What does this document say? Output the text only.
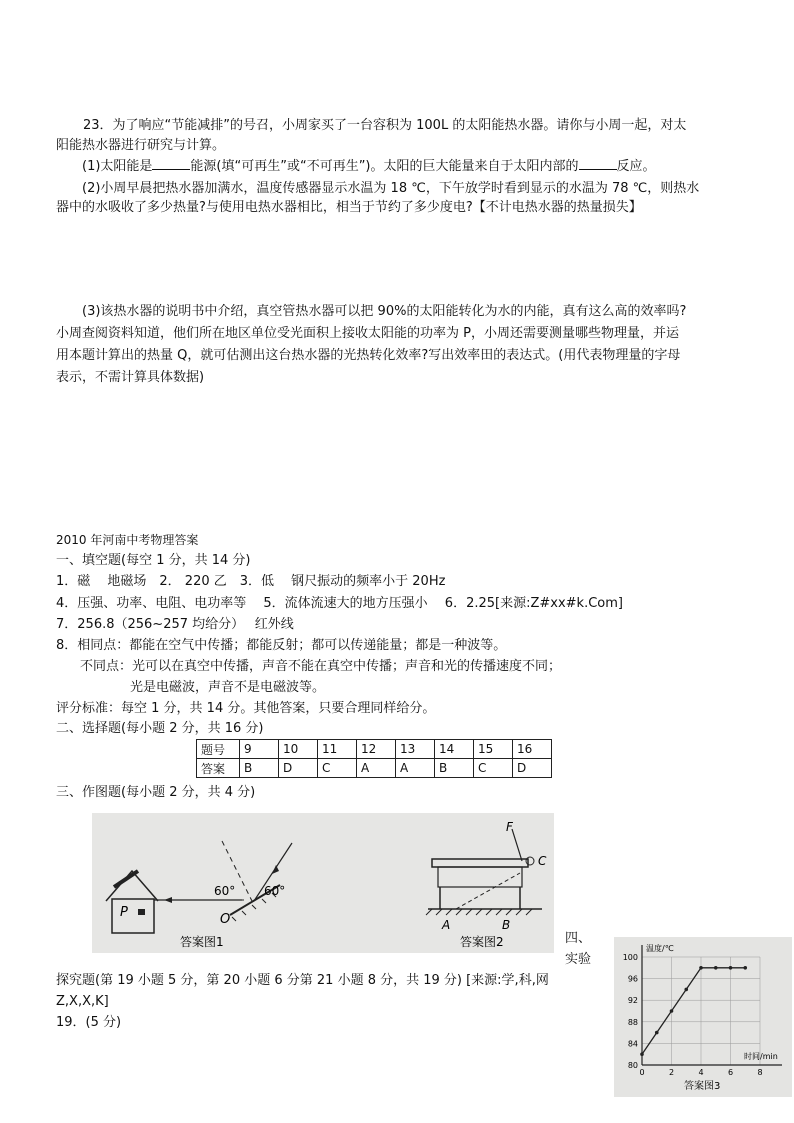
23．为了响应“节能减排”的号召，小周家买了一台容积为 100L 的太阳能热水器。请你与小周一起，对太
阳能热水器进行研究与计算。
(1)太阳能是	能源(填“可再生”或“不可再生”)。太阳的巨大能量来自于太阳内部的	反应。
(2)小周早晨把热水器加满水，温度传感器显示水温为 18 ℃，下午放学时看到显示的水温为 78 ℃，则热水
器中的水吸收了多少热量?与使用电热水器相比，相当于节约了多少度电?【不计电热水器的热量损失】
(3)该热水器的说明书中介绍，真空管热水器可以把 90%的太阳能转化为水的内能，真有这么高的效率吗?
小周查阅资料知道，他们所在地区单位受光面积上接收太阳能的功率为 P，小周还需要测量哪些物理量，并运
用本题计算出的热量 Q，就可估测出这台热水器的光热转化效率?写出效率田的表达式。(用代表物理量的字母
表示，不需计算具体数据)
2010 年河南中考物理答案
一、填空题(每空 1 分，共 14 分)
1．磁　 地磁场　2． 220 乙　3．低　 钢尺振动的频率小于 20Hz
4．压强、功率、电阻、电功率等　 5．流体流速大的地方压强小　 6．2.25[来源:Z#xx#k.Com]
7．256.8（256~257 均给分）　 红外线
8．相同点：都能在空气中传播；都能反射；都可以传递能量；都是一种波等。
不同点：光可以在真空中传播，声音不能在真空中传播；声音和光的传播速度不同；
光是电磁波，声音不是电磁波等。
评分标准：每空 1 分，共 14 分。其他答案，只要合理同样给分。
二、选择题(每小题 2 分，共 16 分)
题号	9	10	11	12	13	14	15	16
答案	B	D	C	A	A	B	C	D
三、作图题(每小题 2 分，共 4 分)
P
60° 60°
O
答案图1
F
C
A	B
答案图2	四、
实验
探究题(第 19 小题 5 分，第 20 小题 6 分第 21 小题 8 分，共 19 分) [来源:学,科,网
Z,X,X,K]
19．(5 分)
80
84
88
92
96
100
0	2	4	6	8
温度/℃
时间/min
答案图3
